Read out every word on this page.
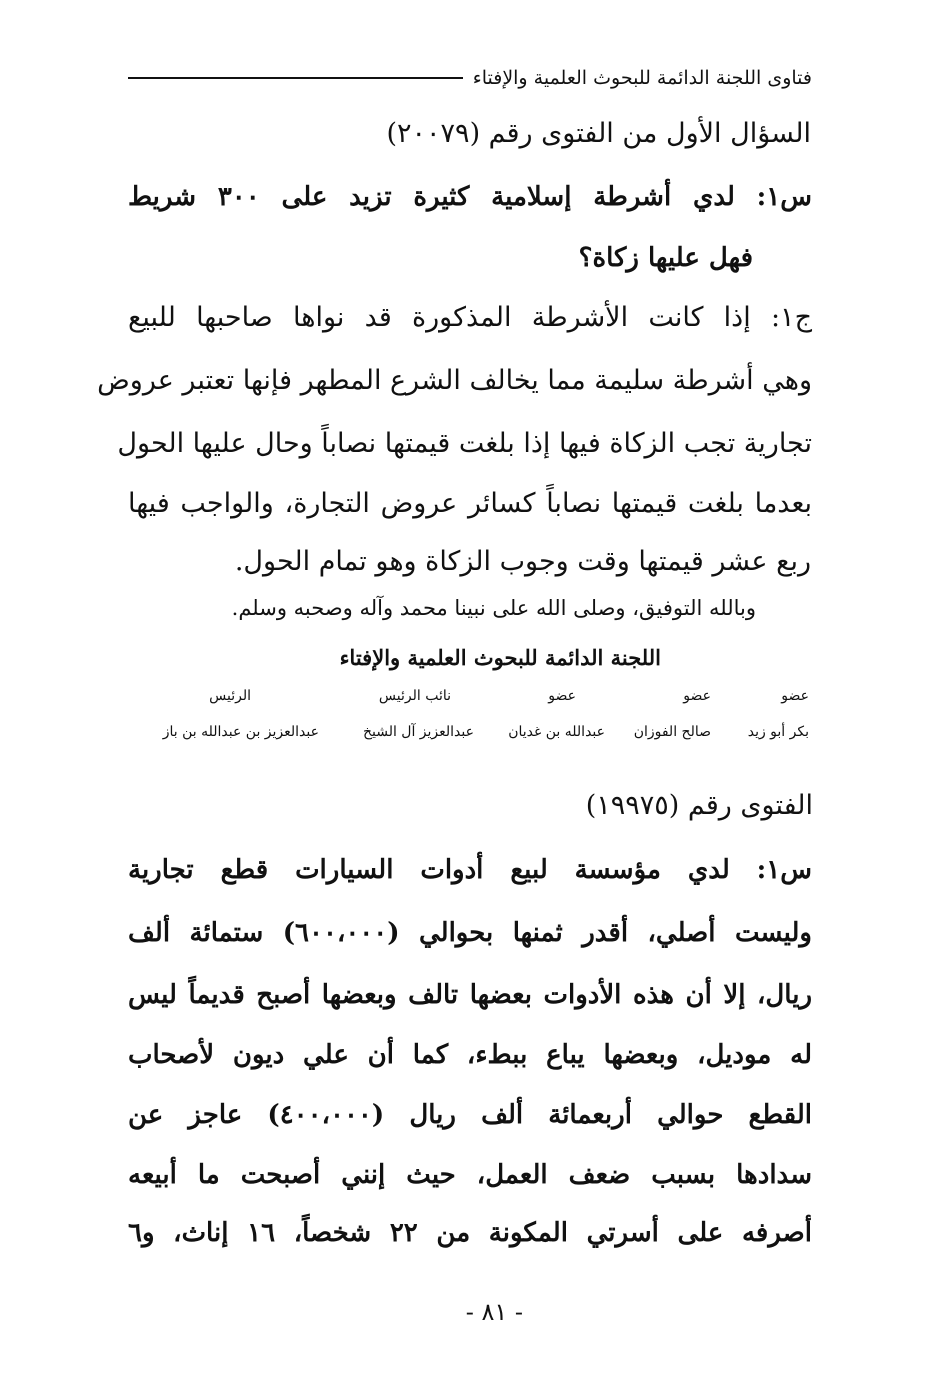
فتاوى اللجنة الدائمة للبحوث العلمية والإفتاء
السؤال الأول من الفتوى رقم (٢٠٠٧٩)
س١: لدي أشرطة إسلامية كثيرة تزيد على ٣٠٠ شريط
فهل عليها زكاة؟
ج١: إذا كانت الأشرطة المذكورة قد نواها صاحبها للبيع
وهي أشرطة سليمة مما يخالف الشرع المطهر فإنها تعتبر عروض
تجارية تجب الزكاة فيها إذا بلغت قيمتها نصاباً وحال عليها الحول
بعدما بلغت قيمتها نصاباً كسائر عروض التجارة، والواجب فيها
ربع عشر قيمتها وقت وجوب الزكاة وهو تمام الحول.
وبالله التوفيق، وصلى الله على نبينا محمد وآله وصحبه وسلم.
اللجنة الدائمة للبحوث العلمية والإفتاء
عضو
عضو
عضو
نائب الرئيس
الرئيس
بكر أبو زيد
صالح الفوزان
عبدالله بن غديان
عبدالعزيز آل الشيخ
عبدالعزيز بن عبدالله بن باز
الفتوى رقم (١٩٩٧٥)
س١: لدي مؤسسة لبيع أدوات السيارات قطع تجارية
وليست أصلي، أقدر ثمنها بحوالي (٦٠٠،٠٠٠) ستمائة ألف
ريال، إلا أن هذه الأدوات بعضها تالف وبعضها أصبح قديماً ليس
له موديل، وبعضها يباع ببطء، كما أن علي ديون لأصحاب
القطع حوالي أربعمائة ألف ريال (٤٠٠،٠٠٠) عاجز عن
سدادها بسبب ضعف العمل، حيث إنني أصبحت ما أبيعه
أصرفه على أسرتي المكونة من ٢٢ شخصاً، ١٦ إناث، و٦
- ٨١ -
